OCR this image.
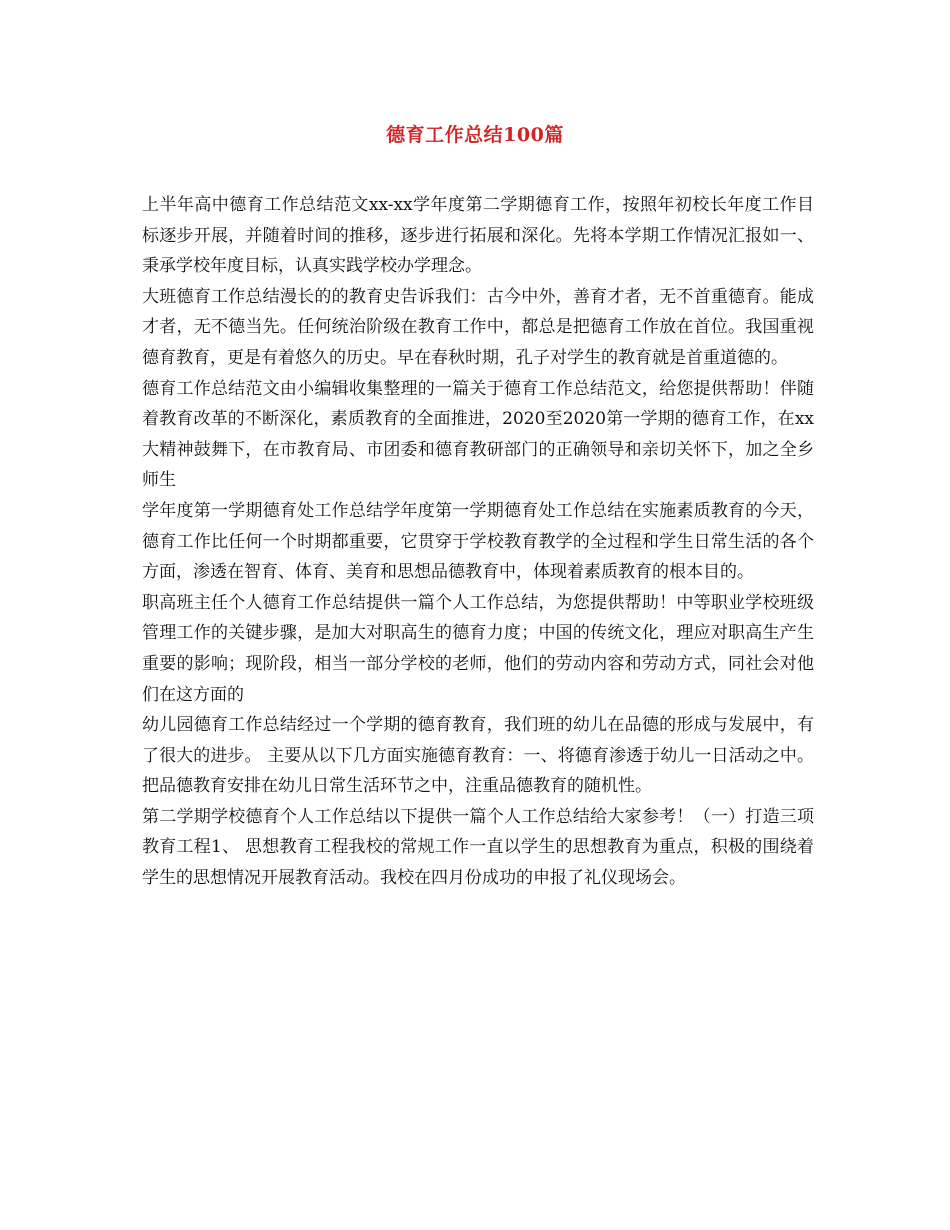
德育工作总结100篇

上半年高中德育工作总结范文xx-xx学年度第二学期德育工作，按照年初校长年度工作目标逐步开展，并随着时间的推移，逐步进行拓展和深化。先将本学期工作情况汇报如一、秉承学校年度目标，认真实践学校办学理念。

大班德育工作总结漫长的的教育史告诉我们：古今中外，善育才者，无不首重德育。能成才者，无不德当先。任何统治阶级在教育工作中，都总是把德育工作放在首位。我国重视德育教育，更是有着悠久的历史。早在春秋时期，孔子对学生的教育就是首重道德的。

德育工作总结范文由小编辑收集整理的一篇关于德育工作总结范文，给您提供帮助！伴随着教育改革的不断深化，素质教育的全面推进，2020至2020第一学期的德育工作，在xx大精神鼓舞下，在市教育局、市团委和德育教研部门的正确领导和亲切关怀下，加之全乡师生

学年度第一学期德育处工作总结学年度第一学期德育处工作总结在实施素质教育的今天，德育工作比任何一个时期都重要，它贯穿于学校教育教学的全过程和学生日常生活的各个方面，渗透在智育、体育、美育和思想品德教育中，体现着素质教育的根本目的。

职高班主任个人德育工作总结提供一篇个人工作总结，为您提供帮助！中等职业学校班级管理工作的关键步骤，是加大对职高生的德育力度；中国的传统文化，理应对职高生产生重要的影响；现阶段，相当一部分学校的老师，他们的劳动内容和劳动方式，同社会对他们在这方面的

幼儿园德育工作总结经过一个学期的德育教育，我们班的幼儿在品德的形成与发展中，有了很大的进步。 主要从以下几方面实施德育教育：一、将德育渗透于幼儿一日活动之中。把品德教育安排在幼儿日常生活环节之中，注重品德教育的随机性。

第二学期学校德育个人工作总结以下提供一篇个人工作总结给大家参考！（一）打造三项教育工程1、 思想教育工程我校的常规工作一直以学生的思想教育为重点，积极的围绕着学生的思想情况开展教育活动。我校在四月份成功的申报了礼仪现场会。
